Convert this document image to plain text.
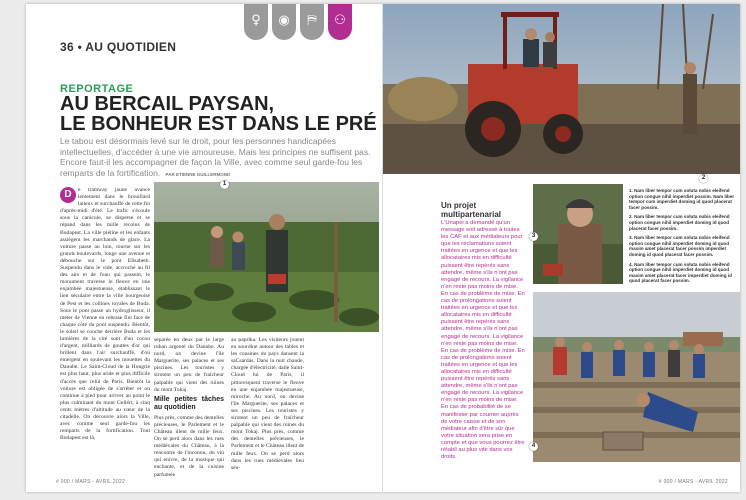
♀	◉	⛿	⚇
36 • AU QUOTIDIEN
REPORTAGE
AU BERCAIL PAYSAN,
LE BONHEUR EST DANS LE PRÉ
Le tabou est désormais levé sur le droit, pour les personnes handicapées intellectuelles, d'accéder à une vie amoureuse. Mais les principes ne suffisent pas. Encore faut-il les accompagner de façon la Ville, avec comme seul garde-fou les remparts de la fortification. PAR ETIENNE GUILLERMOND
D	e tramway jaune avance lentement dans le brouillard laiteux et surchauffé de cette fin d'après-midi d'été. Le trafic s'écoule sous la canicule, se disperse et se répand dans les mille recoins de Budapest. La ville piétine et les enfants assiègent les marchands de glace. La voiture passe au loin, tourne sur les grands boulevards, longe une avenue et débouche sur le pont Elisabeth. Suspendu dans le vide, accroché au fil des airs et de l'eau qui passent, le monument traverse le fleuve en une enjambée majestueuse, établissant le lien séculaire entre la ville bourgeoise de Pest et les collines royales de Buda. Sous le pont passe un hydroglisseur, il méter de Vienne en rebrase fini face de chaque côté du pont suspendu. Bientôt, le soleil se couche derrière Buda et les lumières de la cité sont d'un cocon d'argent, milliards de gouttes d'or qui brillent dans l'air surchauffé, d'où émergent en soulevant les mouettes du Danube. Le Saint-Cloud de la Hongrie est plus haut, plus aride et plus difficile d'accès que celui de Paris. Bientôt la voiture est obligée de s'arrêter et on continue à pied pour arriver au point le plus culminant du mont Gellért, à cinq cents mètres d'altitude au cœur de la citadelle. On découvre alors la Ville, avec comme seul garde-fou les remparts de la fortification. Tout Budapest est là,
1
séparée en deux par le large ruban argenté du Danube. Au nord, on devine l'île Marguerite, ses palaces et ses piscines. Les touristes y sirotent un peu de fraîcheur palpable qui vient des ruines du mont Tokaj.
Mille petites tâches au quotidien
Plus près, comme des dentelles précieuses, le Parlement et le Château illent de mille feux. On se perd alors dans les rues médiévales du Château, à la rencontre de l'inconnu, du vin qui enivre, de la musique qui enchante, et de la cuisine parfumée
au paprika. Les visiteurs jouent en sourdine autour des tables et les cousines du pays dansent la saCsárdás. Dans la nuit chaude, chargée d'électricité, dalle Saint-Cloud lui de Paris, il pittoresquent traverse le fleuve en une enjambée majestueuse, miroche. Au nord, on devine l'île Marguerite, ses palaces et ses piscines. Les touristes y sirotent un peu de fraîcheur palpable qui vient des ruines du mont Tokaj. Plus près, comme des dentelles précieuses, le Parlement et le Château illent de mille feux. On se perd alors dans les rues médiévales lieu séu-
# 000 / MARS - AVRIL 2022
Un projet
multipartenarial
L'Unapei a demandé qu'un message soit adressé à toutes les CAF et aux médiateurs pour que les réclamations soient traitées en urgence et que les allocataires mis en difficulté puissent être repérés sans attendre, même s'ils n'ont pas engagé de recours. La vigilance n'en reste pas moins de mise. En cas de problème de mise. En cas de prolongations soient traitées en urgence et que les allocataires mis en difficulté puissent être repérés sans attendre, même s'ils n'ont pas engagé de recours. La vigilance n'en reste pas moins de mise. En cas de problème de mise. En cas de prolongations soient traitées en urgence et que les allocataires mis en difficulté puissent être repérés sans attendre, même s'ils n'ont pas engagé de recours. La vigilance n'en reste pas moins de mise. En cas de probabilité de se manifester par courrier auprès de votre caisse et de son médiateur afin d'être sûr que votre situation sera prise en compte et que vous pourrez être rétabli au plus vite dans vos droits.
3
1. Nam liber tempor cum soluta nobis eleifend option congue nihil imperdiet possim. Nam liber tempor cum imperdiet doming id quod placerat facer possim.
2. Nam liber tempor cum soluta nobis eleifend option congue nihil imperdiet doming id quod placerat facer possim.
3. Nam liber tempor cum soluta nobis eleifend option congue nihil imperdiet doming id quod maxim amet placerat facer possim imperdiet doming id quod placerat facer possim.
4. Nam liber tempor cum soluta nobis eleifend option congue nihil imperdiet doming id quod maxim amet placerat facer imperdiet doming id quod placerat facer possim.
2
4
# 000 / MARS - AVRIL 2022
